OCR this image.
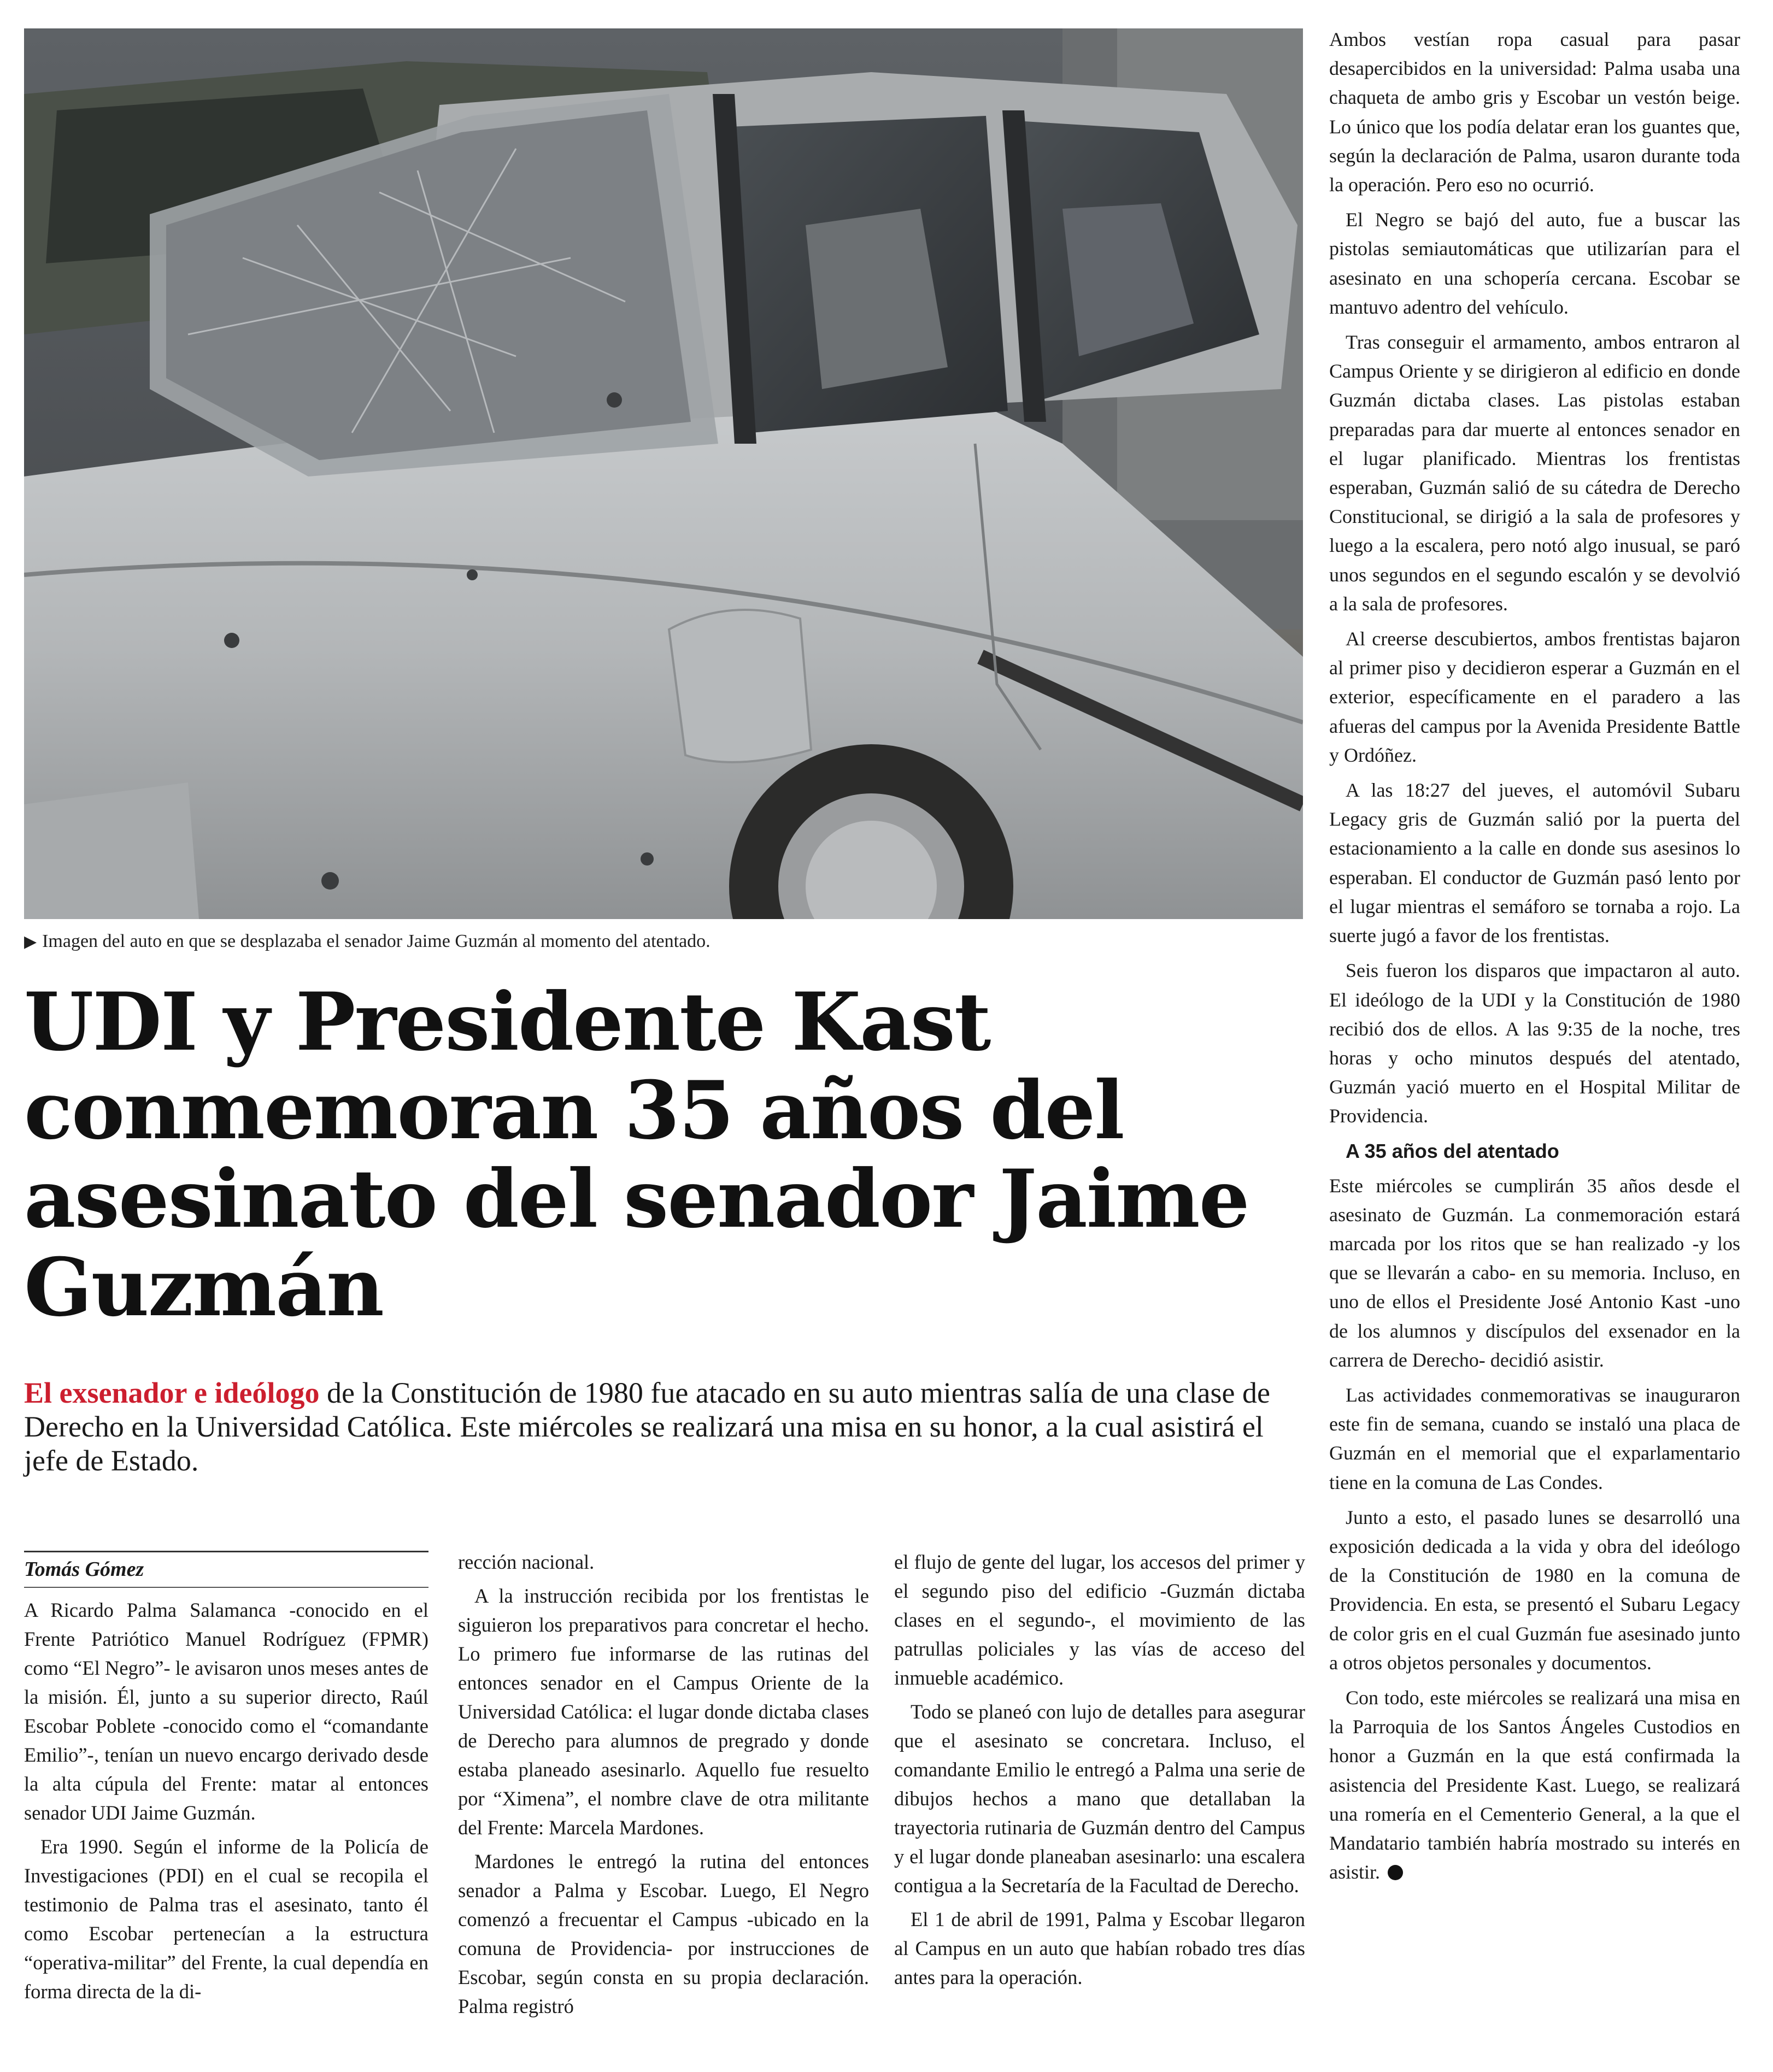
▶ Imagen del auto en que se desplazaba el senador Jaime Guzmán al momento del atentado.
UDI y Presidente Kast conmemoran 35 años del asesinato del senador Jaime Guzmán

El exsenador e ideólogo de la Constitución de 1980 fue atacado en su auto mientras salía de una clase de Derecho en la Universidad Católica. Este miércoles se realizará una misa en su honor, a la cual asistirá el jefe de Estado.

Tomás Gómez

A Ricardo Palma Salamanca -conocido en el Frente Patriótico Manuel Rodríguez (FPMR) como “El Negro”- le avisaron unos meses antes de la misión. Él, junto a su superior directo, Raúl Escobar Poblete -conocido como el “comandante Emilio”-, tenían un nuevo encargo derivado desde la alta cúpula del Frente: matar al entonces senador UDI Jaime Guzmán.

Era 1990. Según el informe de la Policía de Investigaciones (PDI) en el cual se recopila el testimonio de Palma tras el asesinato, tanto él como Escobar pertenecían a la estructura “operativa-militar” del Frente, la cual dependía en forma directa de la di-

rección nacional.

A la instrucción recibida por los frentistas le siguieron los preparativos para concretar el hecho. Lo primero fue informarse de las rutinas del entonces senador en el Campus Oriente de la Universidad Católica: el lugar donde dictaba clases de Derecho para alumnos de pregrado y donde estaba planeado asesinarlo. Aquello fue resuelto por “Ximena”, el nombre clave de otra militante del Frente: Marcela Mardones.

Mardones le entregó la rutina del entonces senador a Palma y Escobar. Luego, El Negro comenzó a frecuentar el Campus -ubicado en la comuna de Providencia- por instrucciones de Escobar, según consta en su propia declaración. Palma registró

el flujo de gente del lugar, los accesos del primer y el segundo piso del edificio -Guzmán dictaba clases en el segundo-, el movimiento de las patrullas policiales y las vías de acceso del inmueble académico.

Todo se planeó con lujo de detalles para asegurar que el asesinato se concretara. Incluso, el comandante Emilio le entregó a Palma una serie de dibujos hechos a mano que detallaban la trayectoria rutinaria de Guzmán dentro del Campus y el lugar donde planeaban asesinarlo: una escalera contigua a la Secretaría de la Facultad de Derecho.

El 1 de abril de 1991, Palma y Escobar llegaron al Campus en un auto que habían robado tres días antes para la operación.

Ambos vestían ropa casual para pasar desapercibidos en la universidad: Palma usaba una chaqueta de ambo gris y Escobar un vestón beige. Lo único que los podía delatar eran los guantes que, según la declaración de Palma, usaron durante toda la operación. Pero eso no ocurrió.

El Negro se bajó del auto, fue a buscar las pistolas semiautomáticas que utilizarían para el asesinato en una schopería cercana. Escobar se mantuvo adentro del vehículo.

Tras conseguir el armamento, ambos entraron al Campus Oriente y se dirigieron al edificio en donde Guzmán dictaba clases. Las pistolas estaban preparadas para dar muerte al entonces senador en el lugar planificado. Mientras los frentistas esperaban, Guzmán salió de su cátedra de Derecho Constitucional, se dirigió a la sala de profesores y luego a la escalera, pero notó algo inusual, se paró unos segundos en el segundo escalón y se devolvió a la sala de profesores.

Al creerse descubiertos, ambos frentistas bajaron al primer piso y decidieron esperar a Guzmán en el exterior, específicamente en el paradero a las afueras del campus por la Avenida Presidente Battle y Ordóñez.

A las 18:27 del jueves, el automóvil Subaru Legacy gris de Guzmán salió por la puerta del estacionamiento a la calle en donde sus asesinos lo esperaban. El conductor de Guzmán pasó lento por el lugar mientras el semáforo se tornaba a rojo. La suerte jugó a favor de los frentistas.

Seis fueron los disparos que impactaron al auto. El ideólogo de la UDI y la Constitución de 1980 recibió dos de ellos. A las 9:35 de la noche, tres horas y ocho minutos después del atentado, Guzmán yació muerto en el Hospital Militar de Providencia.

A 35 años del atentado

Este miércoles se cumplirán 35 años desde el asesinato de Guzmán. La conmemoración estará marcada por los ritos que se han realizado -y los que se llevarán a cabo- en su memoria. Incluso, en uno de ellos el Presidente José Antonio Kast -uno de los alumnos y discípulos del exsenador en la carrera de Derecho- decidió asistir.

Las actividades conmemorativas se inauguraron este fin de semana, cuando se instaló una placa de Guzmán en el memorial que el exparlamentario tiene en la comuna de Las Condes.

Junto a esto, el pasado lunes se desarrolló una exposición dedicada a la vida y obra del ideólogo de la Constitución de 1980 en la comuna de Providencia. En esta, se presentó el Subaru Legacy de color gris en el cual Guzmán fue asesinado junto a otros objetos personales y documentos.

Con todo, este miércoles se realizará una misa en la Parroquia de los Santos Ángeles Custodios en honor a Guzmán en la que está confirmada la asistencia del Presidente Kast. Luego, se realizará una romería en el Cementerio General, a la que el Mandatario también habría mostrado su interés en asistir.
